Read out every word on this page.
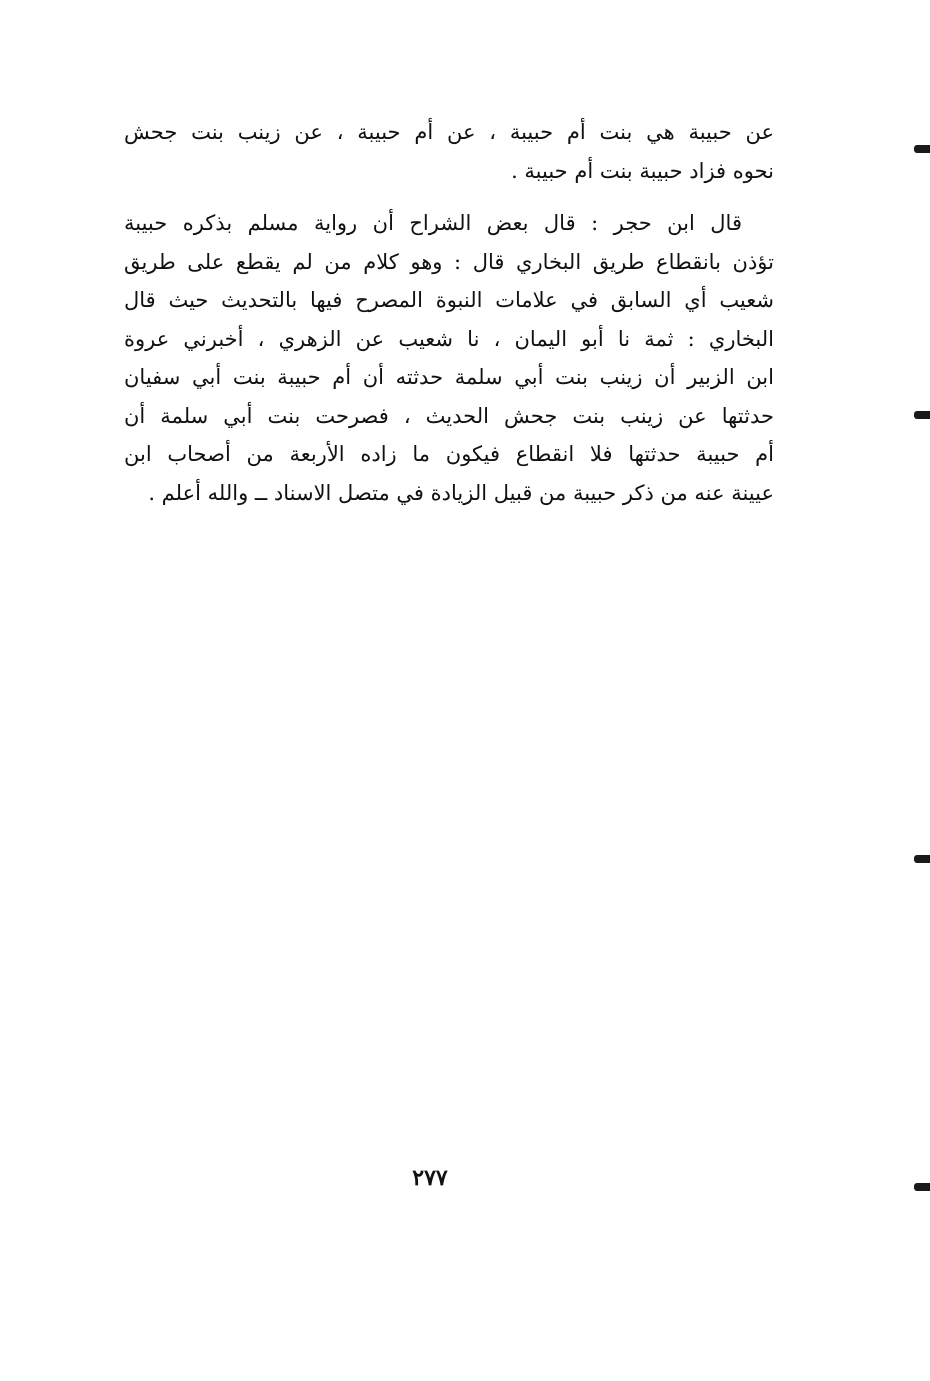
عن حبيبة هي بنت أم حبيبة ، عن أم حبيبة ، عن زينب بنت جحش
نحوه فزاد حبيبة بنت أم حبيبة .
قال ابن حجر : قال بعض الشراح أن رواية مسلم بذكره حبيبة
تؤذن بانقطاع طريق البخاري قال : وهو كلام من لم يقطع على طريق
شعيب أي السابق في علامات النبوة المصرح فيها بالتحديث حيث قال
البخاري : ثمة نا أبو اليمان ، نا شعيب عن الزهري ، أخبرني عروة
ابن الزبير أن زينب بنت أبي سلمة حدثته أن أم حبيبة بنت أبي سفيان
حدثتها عن زينب بنت جحش الحديث ، فصرحت بنت أبي سلمة أن
أم حبيبة حدثتها فلا انقطاع فيكون ما زاده الأربعة من أصحاب ابن
عيينة عنه من ذكر حبيبة من قبيل الزيادة في متصل الاسناد ــ والله أعلم .
٢٧٧
